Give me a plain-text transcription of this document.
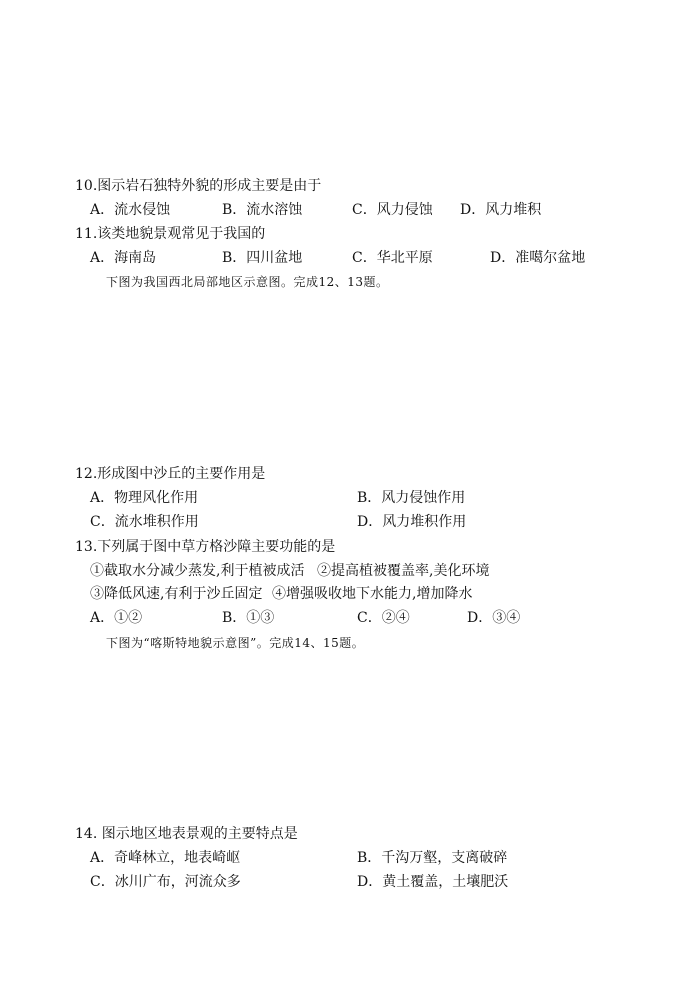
10.图示岩石独特外貌的形成主要是由于
A．流水侵蚀	B．流水溶蚀	C．风力侵蚀 D．风力堆积
11.该类地貌景观常见于我国的
A．海南岛	B．四川盆地	C．华北平原	D．准噶尔盆地
下图为我国西北局部地区示意图。完成12、13题。
12.形成图中沙丘的主要作用是
A．物理风化作用	B．风力侵蚀作用
C．流水堆积作用	D．风力堆积作用
13.下列属于图中草方格沙障主要功能的是
①截取水分减少蒸发,利于植被成活 ②提高植被覆盖率,美化环境
③降低风速,有利于沙丘固定 ④增强吸收地下水能力,增加降水
A．①②	B．①③	C．②④	D．③④
下图为“喀斯特地貌示意图”。完成14、15题。
14. 图示地区地表景观的主要特点是
A．奇峰林立，地表崎岖	B．千沟万壑，支离破碎
C．冰川广布，河流众多	D．黄土覆盖，土壤肥沃
